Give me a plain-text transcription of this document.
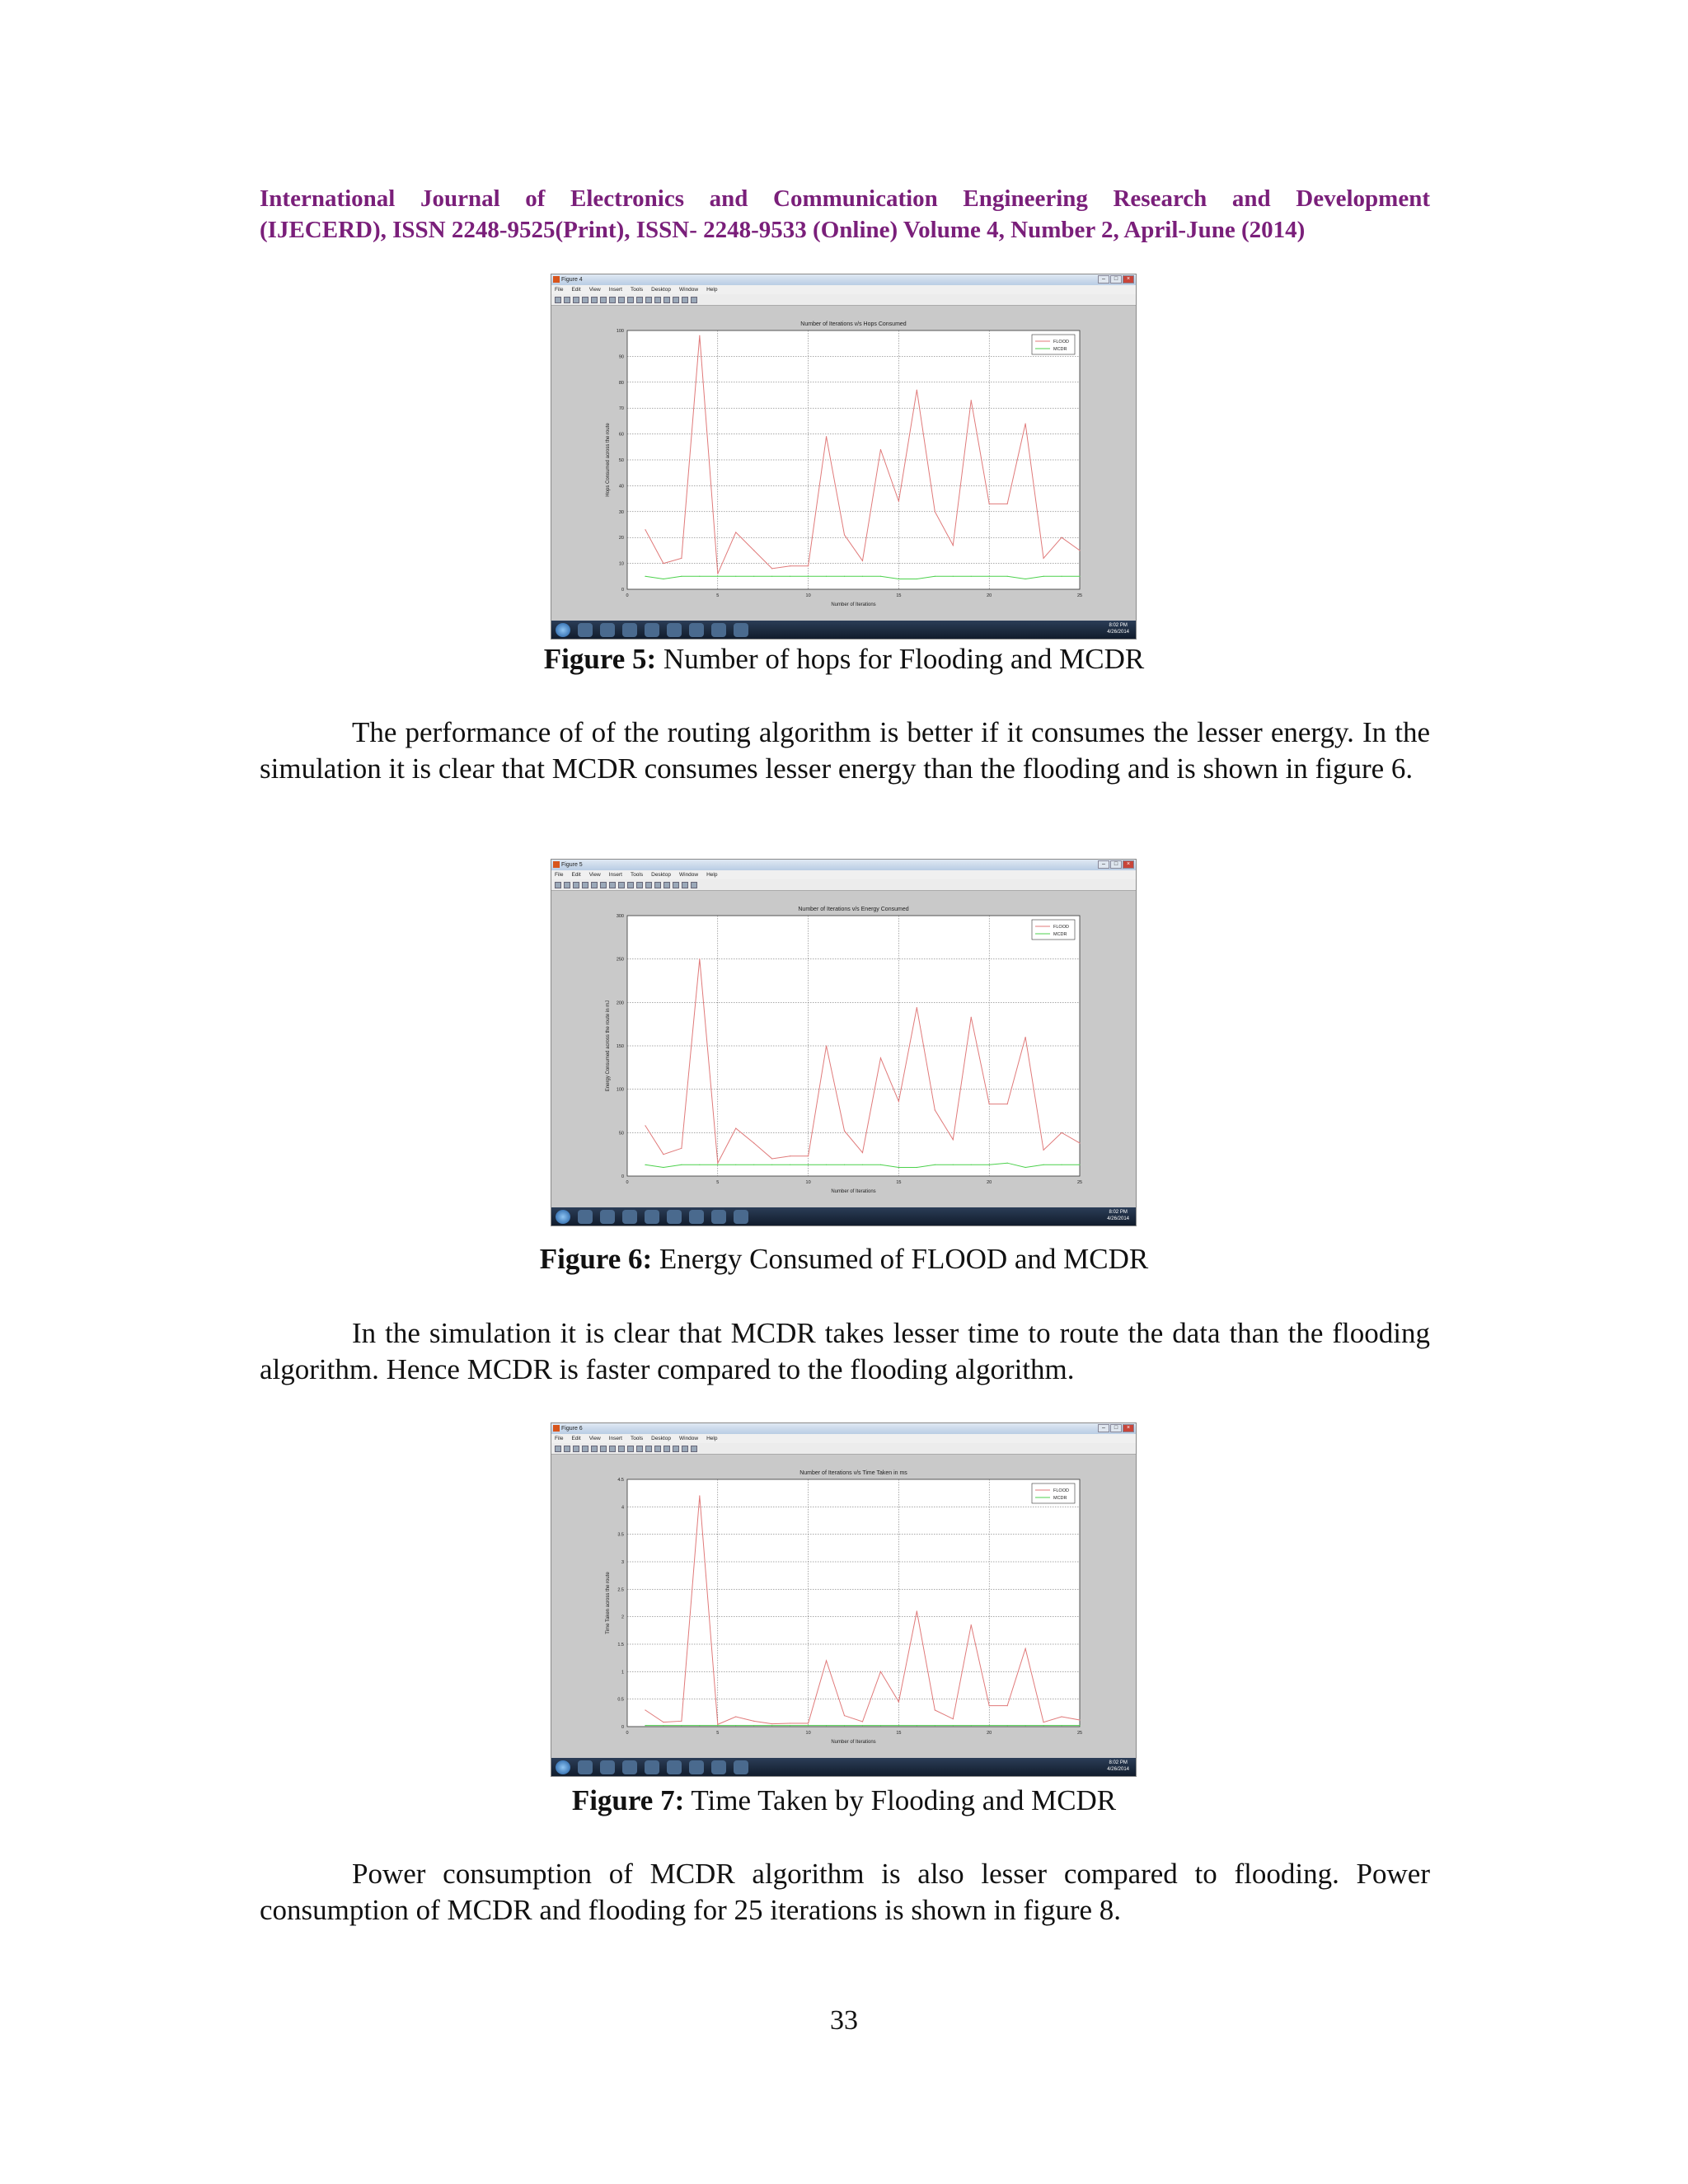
International Journal of Electronics and Communication Engineering Research and Development
(IJECERD), ISSN 2248-9525(Print), ISSN- 2248-9533 (Online) Volume 4, Number 2, April-June (2014)
Figure 4	–	□	×
File Edit View Insert Tools Desktop Window Help
Number of Iterations v/s Hops Consumed
0
10
20
30
40
50
60
70
80
90
100
0	5	10	15	20	25
Number of Iterations
Hops Consumed across the route
FLOOD
MCDR
8:02 PM
4/26/2014
Figure 5: Number of hops for Flooding and MCDR

The performance of of the routing algorithm is better if it consumes the lesser energy. In the simulation it is clear that MCDR consumes lesser energy than the flooding and is shown in figure 6.

Figure 5	–	□	×
File Edit View Insert Tools Desktop Window Help
Number of Iterations v/s Energy Consumed
0
50
100
150
200
250
300
0	5	10	15	20	25
Number of Iterations
Energy Consumed across the route in mJ
FLOOD
MCDR
8:02 PM
4/26/2014
Figure 6: Energy Consumed of FLOOD and MCDR

In the simulation it is clear that MCDR takes lesser time to route the data than the flooding algorithm. Hence MCDR is faster compared to the flooding algorithm.

Figure 6	–	□	×
File Edit View Insert Tools Desktop Window Help
Number of Iterations v/s Time Taken in ms
0
0.5
1
1.5
2
2.5
3
3.5
4
4.5
0	5	10	15	20	25
Number of Iterations
Time Taken across the route
FLOOD
MCDR
8:02 PM
4/26/2014
Figure 7: Time Taken by Flooding and MCDR

Power consumption of MCDR algorithm is also lesser compared to flooding. Power consumption of MCDR and flooding for 25 iterations is shown in figure 8.

33
